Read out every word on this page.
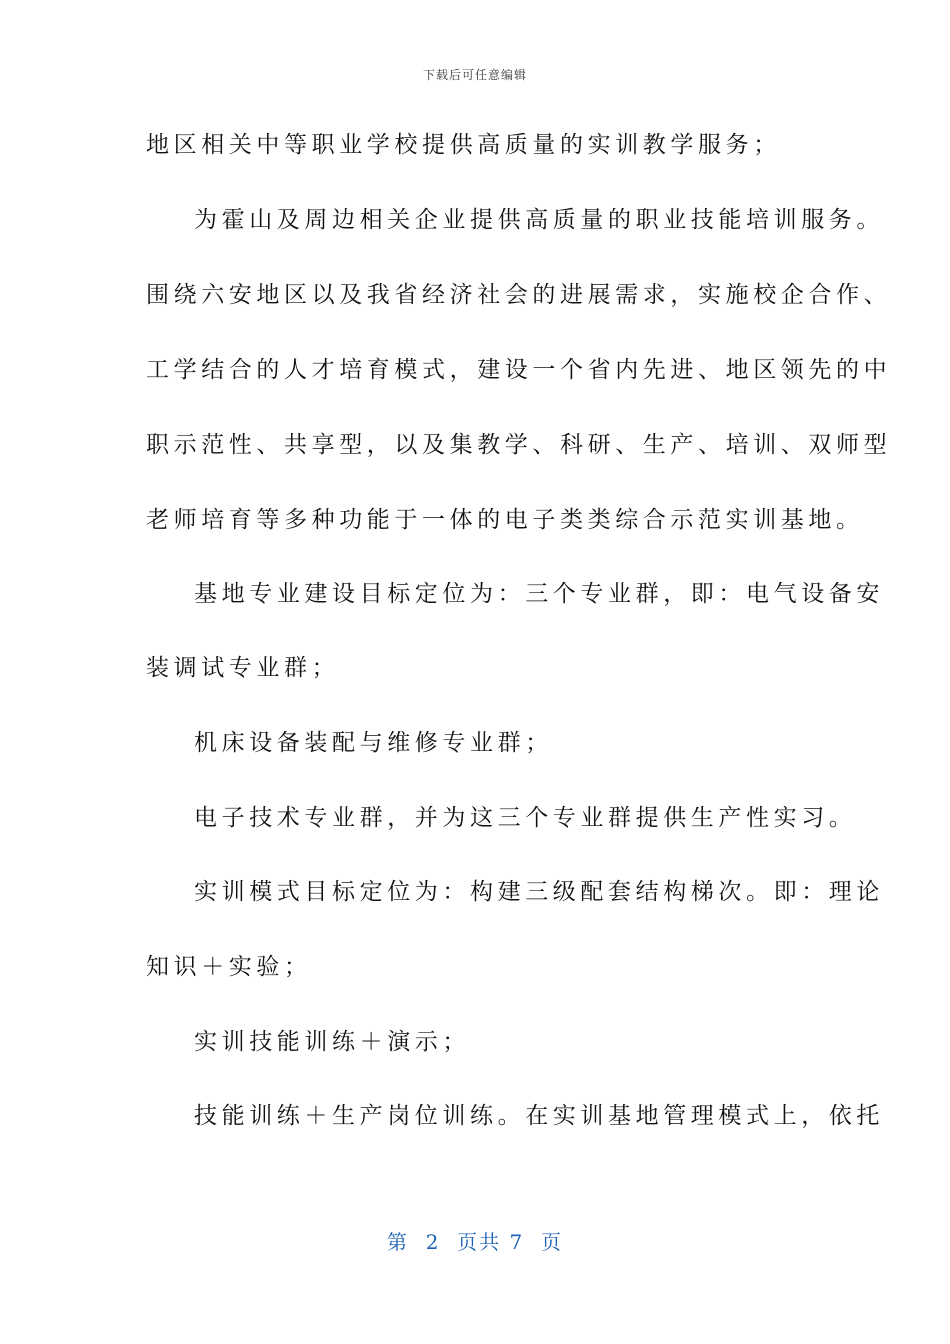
下载后可任意编辑
地区相关中等职业学校提供高质量的实训教学服务；
为霍山及周边相关企业提供高质量的职业技能培训服务。
围绕六安地区以及我省经济社会的进展需求，实施校企合作、
工学结合的人才培育模式，建设一个省内先进、地区领先的中
职示范性、共享型，以及集教学、科研、生产、培训、双师型
老师培育等多种功能于一体的电子类类综合示范实训基地。
基地专业建设目标定位为：三个专业群，即：电气设备安
装调试专业群；
机床设备装配与维修专业群；
电子技术专业群，并为这三个专业群提供生产性实习。
实训模式目标定位为：构建三级配套结构梯次。即：理论
知识＋实验；
实训技能训练＋演示；
技能训练＋生产岗位训练。在实训基地管理模式上，依托
第  2  页共 7  页
